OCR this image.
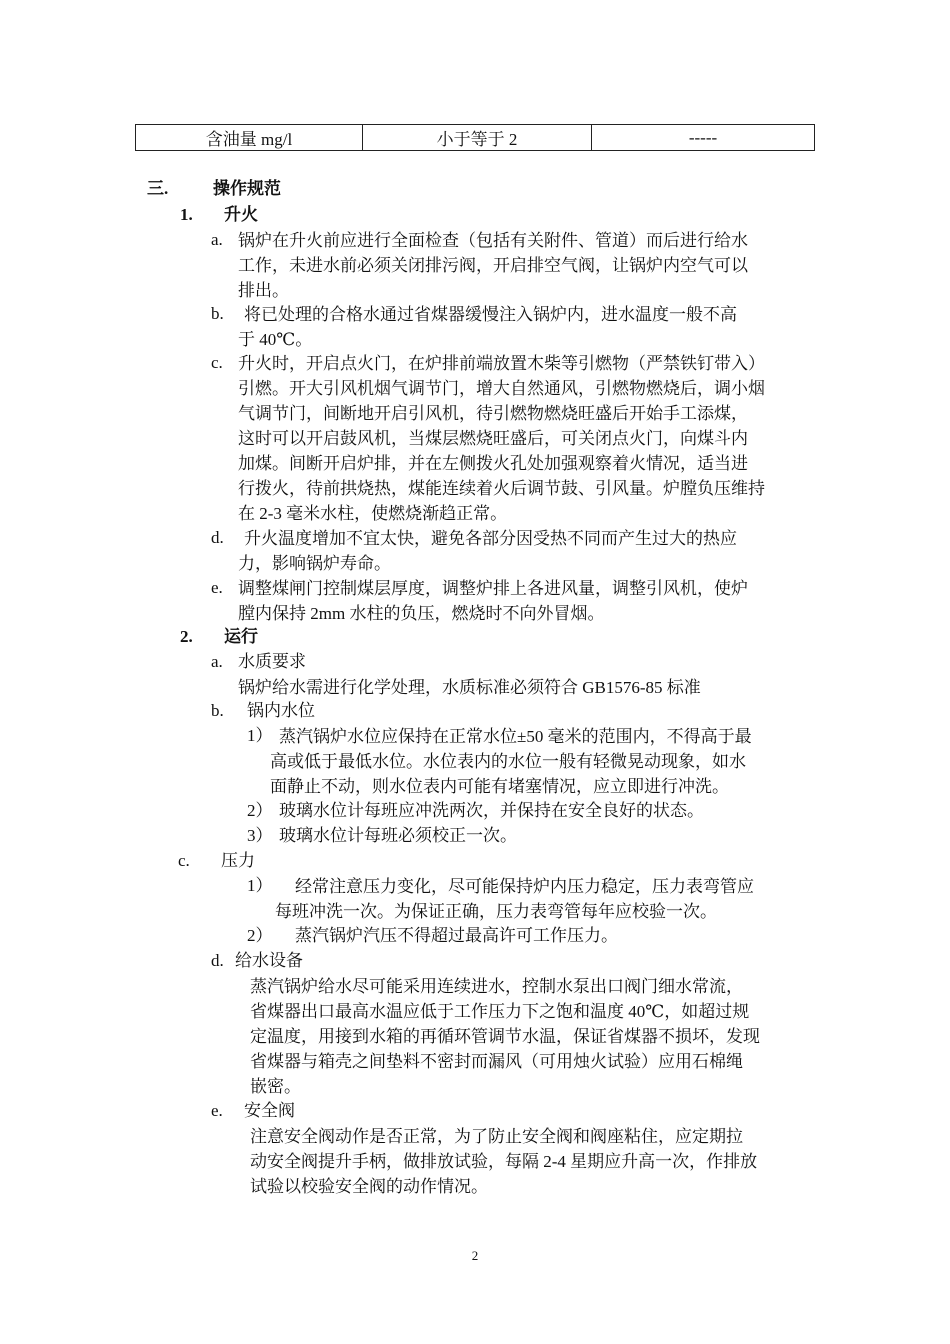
含油量 mg/l	小于等于 2	-----
三.	操作规范
1. 升火
a. 锅炉在升火前应进行全面检查（包括有关附件、管道）而后进行给水
工作，未进水前必须关闭排污阀，开启排空气阀，让锅炉内空气可以
排出。
b.	将已处理的合格水通过省煤器缓慢注入锅炉内，进水温度一般不高
于 40℃。
c. 升火时，开启点火门，在炉排前端放置木柴等引燃物（严禁铁钉带入）
引燃。开大引风机烟气调节门，增大自然通风，引燃物燃烧后，调小烟
气调节门，间断地开启引风机，待引燃物燃烧旺盛后开始手工添煤，
这时可以开启鼓风机，当煤层燃烧旺盛后，可关闭点火门，向煤斗内
加煤。间断开启炉排，并在左侧拨火孔处加强观察着火情况，适当进
行拨火，待前拱烧热，煤能连续着火后调节鼓、引风量。炉膛负压维持
在 2-3 毫米水柱，使燃烧渐趋正常。
d.	升火温度增加不宜太快，避免各部分因受热不同而产生过大的热应
力，影响锅炉寿命。
e. 调整煤闸门控制煤层厚度，调整炉排上各进风量，调整引风机，使炉
膛内保持 2mm 水柱的负压，燃烧时不向外冒烟。
2. 运行
a. 水质要求
锅炉给水需进行化学处理，水质标准必须符合 GB1576-85 标准
b. 锅内水位
1） 蒸汽锅炉水位应保持在正常水位±50 毫米的范围内，不得高于最
高或低于最低水位。水位表内的水位一般有轻微晃动现象，如水
面静止不动，则水位表内可能有堵塞情况，应立即进行冲洗。
2） 玻璃水位计每班应冲洗两次，并保持在安全良好的状态。
3） 玻璃水位计每班必须校正一次。
c. 压力
1）	经常注意压力变化，尽可能保持炉内压力稳定，压力表弯管应
每班冲洗一次。为保证正确，压力表弯管每年应校验一次。
2） 蒸汽锅炉汽压不得超过最高许可工作压力。
d. 给水设备
蒸汽锅炉给水尽可能采用连续进水，控制水泵出口阀门细水常流，
省煤器出口最高水温应低于工作压力下之饱和温度 40℃，如超过规
定温度，用接到水箱的再循环管调节水温，保证省煤器不损坏，发现
省煤器与箱壳之间垫料不密封而漏风（可用烛火试验）应用石棉绳
嵌密。
e. 安全阀
注意安全阀动作是否正常，为了防止安全阀和阀座粘住，应定期拉
动安全阀提升手柄，做排放试验，每隔 2-4 星期应升高一次，作排放
试验以校验安全阀的动作情况。
2
